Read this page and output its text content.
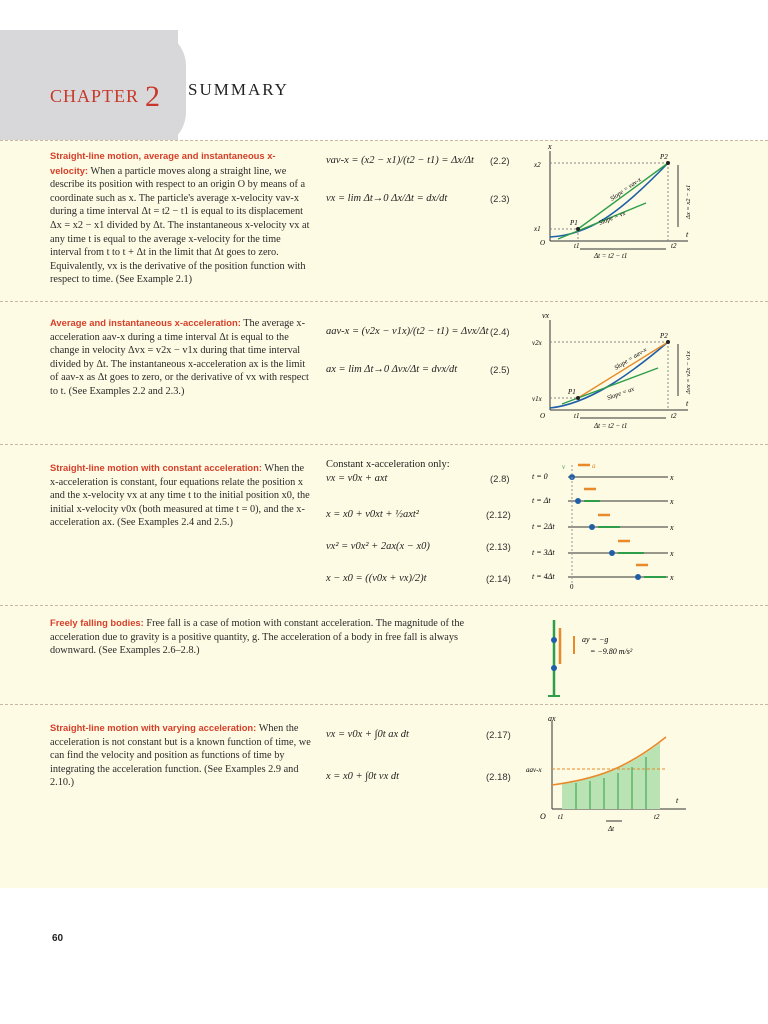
CHAPTER 2 SUMMARY
Straight-line motion, average and instantaneous x-velocity: When a particle moves along a straight line, we describe its position with respect to an origin O by means of a coordinate such as x. The particle's average x-velocity vav-x during a time interval Δt = t2 − t1 is equal to its displacement Δx = x2 − x1 divided by Δt. The instantaneous x-velocity vx at any time t is equal to the average x-velocity for the time interval from t to t + Δt in the limit that Δt goes to zero. Equivalently, vx is the derivative of the position function with respect to time. (See Example 2.1)
vav-x = (x2 − x1)/(t2 − t1) = Δx/Δt (2.2)
vx = lim Δt→0 Δx/Δt = dx/dt	(2.3)
x
t
x2
x1
P2
P1
O	t1	t2
Δt = t2 − t1
Δx = x2 − x1
Slope = vav-x
Slope = vx
Average and instantaneous x-acceleration: The average x-acceleration aav-x during a time interval Δt is equal to the change in velocity Δvx = v2x − v1x during that time interval divided by Δt. The instantaneous x-acceleration ax is the limit of aav-x as Δt goes to zero, or the derivative of vx with respect to t. (See Examples 2.2 and 2.3.)
aav-x = (v2x − v1x)/(t2 − t1) = Δvx/Δt (2.4)
ax = lim Δt→0 Δvx/Δt = dvx/dt	(2.5)
vx
t
v2x
v1x
P2
P1
O	t1	t2
Δt = t2 − t1
Δvx = v2x − v1x
Slope = aav-x
Slope = ax
Straight-line motion with constant acceleration: When the x-acceleration is constant, four equations relate the position x and the x-velocity vx at any time t to the initial position x0, the initial x-velocity v0x (both measured at time t = 0), and the x-acceleration ax. (See Examples 2.4 and 2.5.)
Constant x-acceleration only:
vx = v0x + axt	(2.8)
x = x0 + v0xt + ½axt²	(2.12)
vx² = v0x² + 2ax(x − x0)	(2.13)
x − x0 = ((v0x + vx)/2)t	(2.14)
t = 0	x
t = Δt	x
t = 2Δt	x
t = 3Δt	x
t = 4Δt	x
0
v	a
Freely falling bodies: Free fall is a case of motion with constant acceleration. The magnitude of the acceleration due to gravity is a positive quantity, g. The acceleration of a body in free fall is always downward. (See Examples 2.6–2.8.)
ay = −g
= −9.80 m/s²
Straight-line motion with varying acceleration: When the acceleration is not constant but is a known function of time, we can find the velocity and position as functions of time by integrating the acceleration function. (See Examples 2.9 and 2.10.)
vx = v0x + ∫0t ax dt	(2.17)
x = x0 + ∫0t vx dt	(2.18)
ax
t
aav-x
O t1	t2
Δt
60
